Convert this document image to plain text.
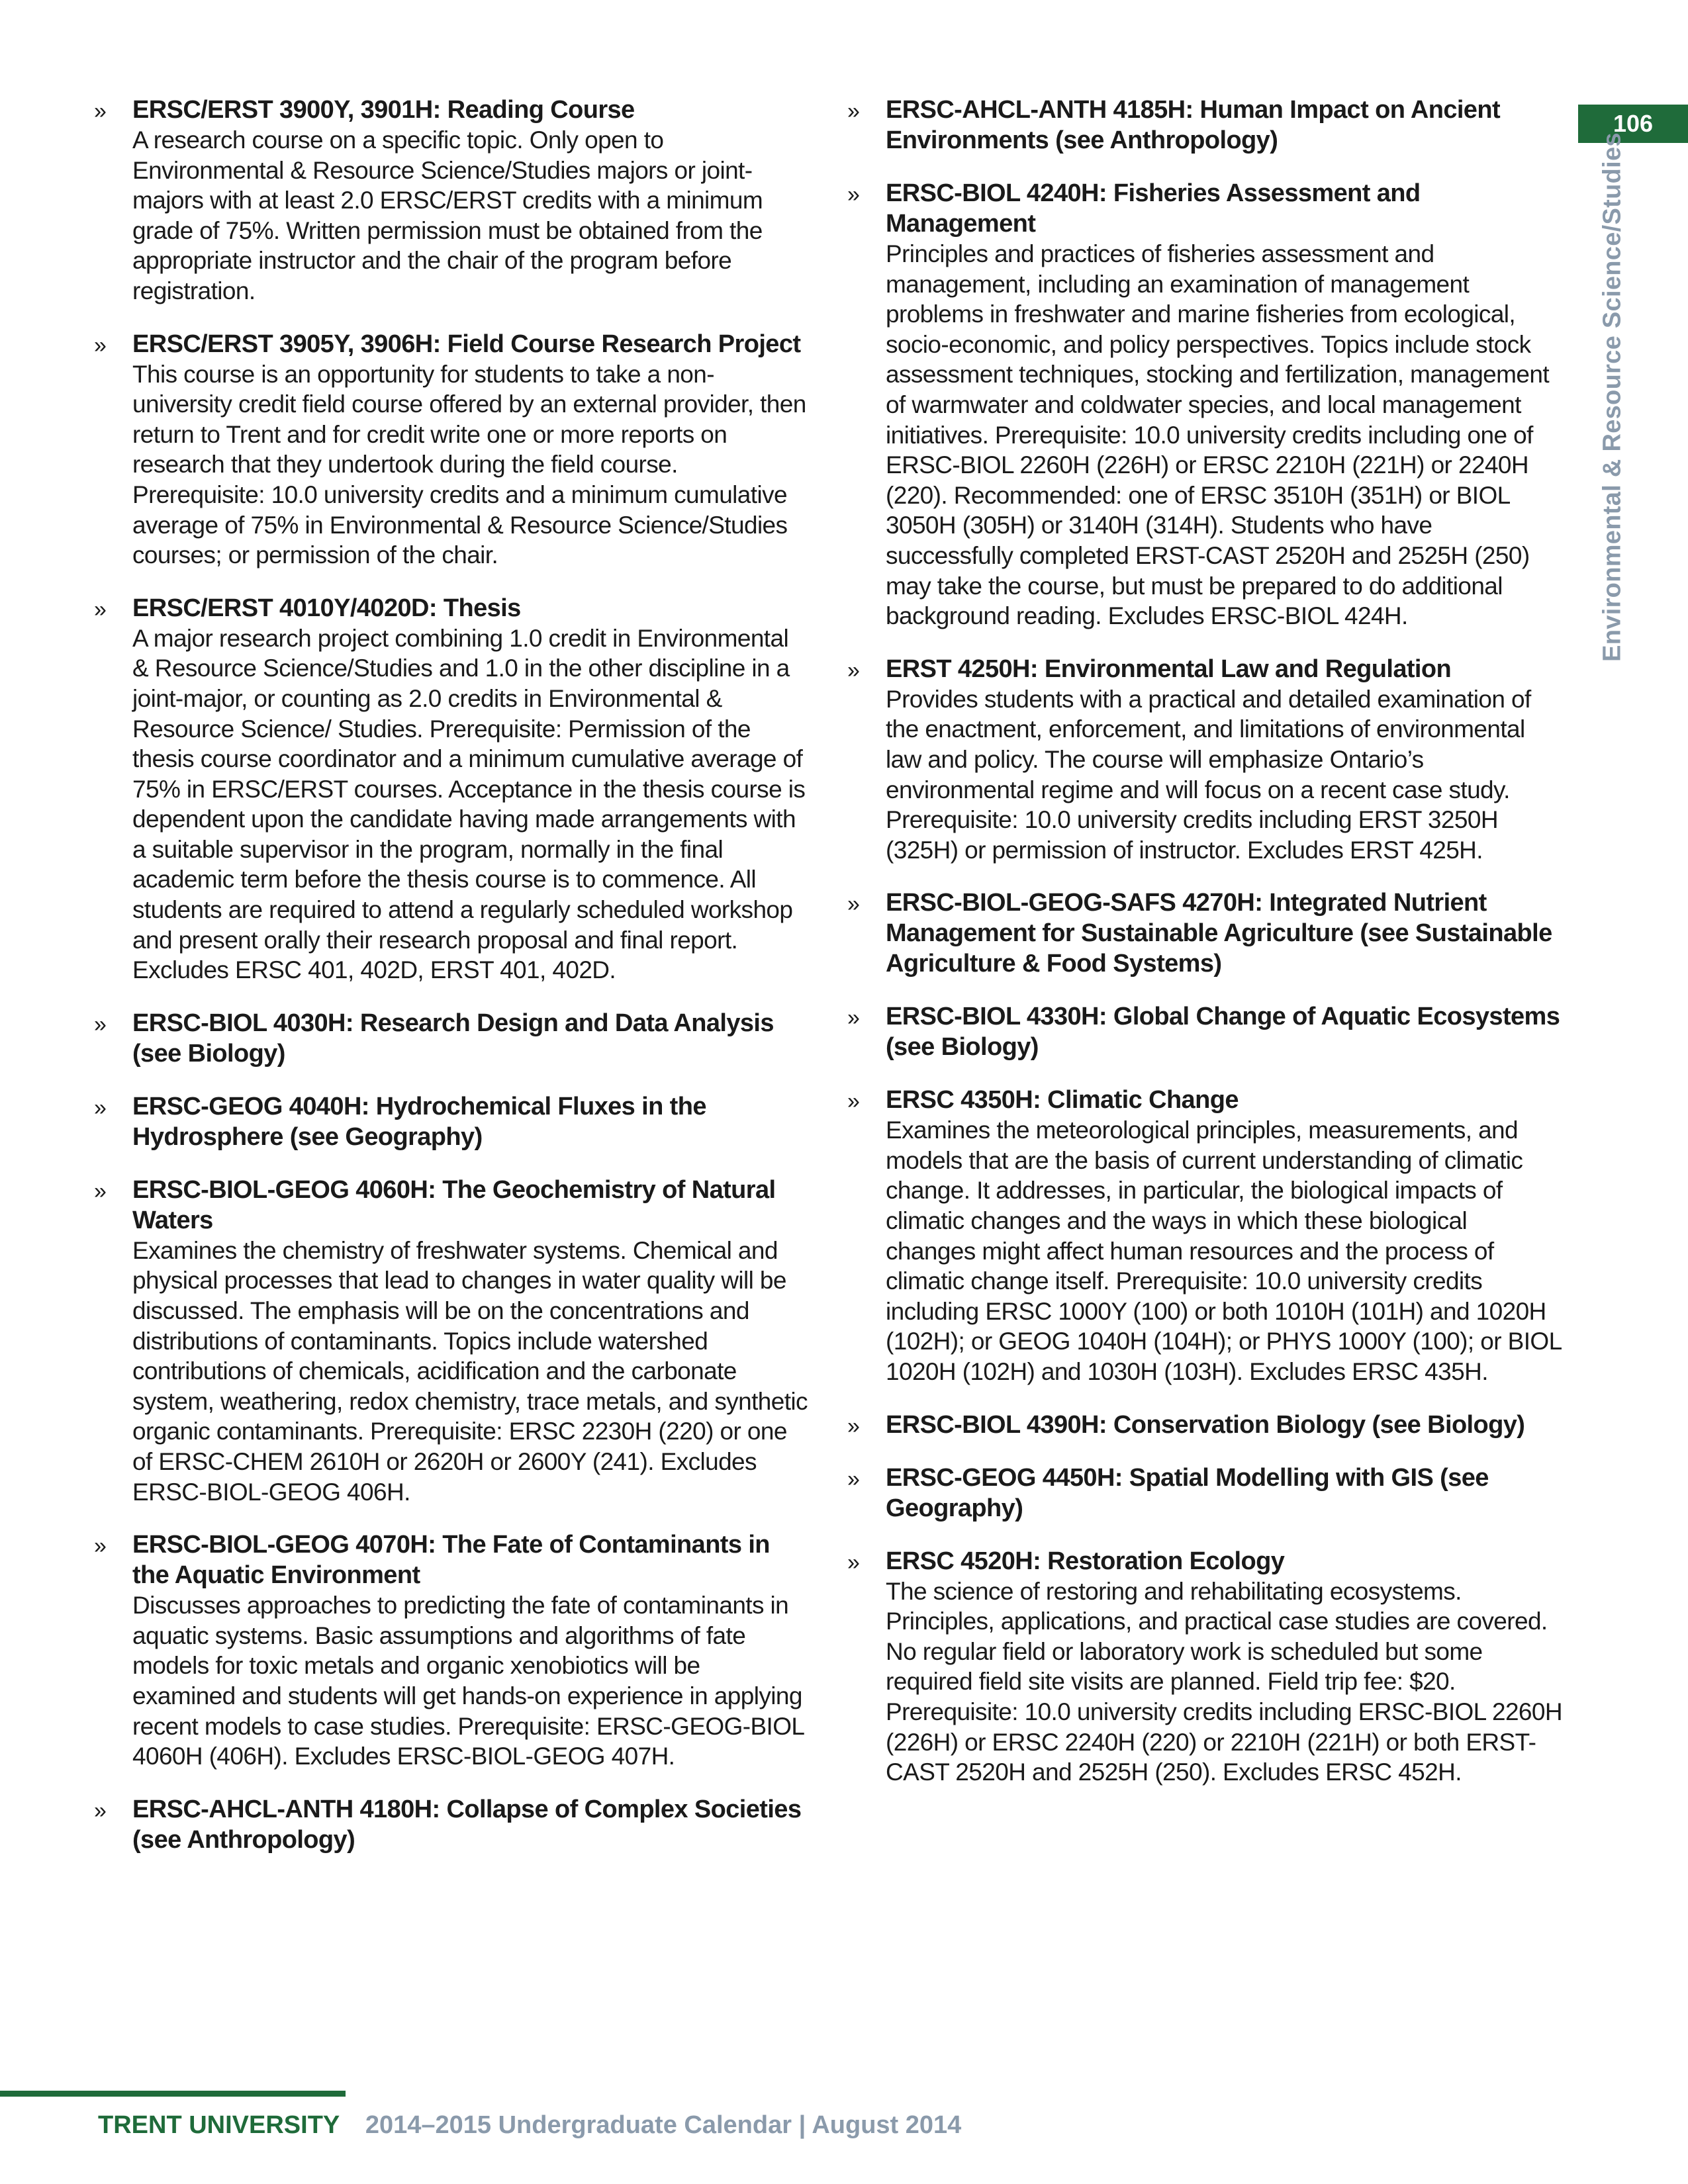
» ERSC/ERST 3900Y, 3901H: Reading Course

A research course on a specific topic. Only open to Environmental & Resource Science/Studies majors or joint-majors with at least 2.0 ERSC/ERST credits with a minimum grade of 75%. Written permission must be obtained from the appropriate instructor and the chair of the program before registration.

» ERSC/ERST 3905Y, 3906H: Field Course Research Project

This course is an opportunity for students to take a non-university credit field course offered by an external provider, then return to Trent and for credit write one or more reports on research that they undertook during the field course. Prerequisite: 10.0 university credits and a minimum cumulative average of 75% in Environmental & Resource Science/Studies courses; or permission of the chair.

» ERSC/ERST 4010Y/4020D: Thesis

A major research project combining 1.0 credit in Environmental & Resource Science/Studies and 1.0 in the other discipline in a joint-major, or counting as 2.0 credits in Environmental & Resource Science/ Studies. Prerequisite: Permission of the thesis course coordinator and a minimum cumulative average of 75% in ERSC/ERST courses. Acceptance in the thesis course is dependent upon the candidate having made arrangements with a suitable supervisor in the program, normally in the final academic term before the thesis course is to commence. All students are required to attend a regularly scheduled workshop and present orally their research proposal and final report. Excludes ERSC 401, 402D, ERST 401, 402D.

» ERSC-BIOL 4030H: Research Design and Data Analysis (see Biology)

» ERSC-GEOG 4040H: Hydrochemical Fluxes in the Hydrosphere (see Geography)

» ERSC-BIOL-GEOG 4060H: The Geochemistry of Natural Waters

Examines the chemistry of freshwater systems. Chemical and physical processes that lead to changes in water quality will be discussed. The emphasis will be on the concentrations and distributions of contaminants. Topics include watershed contributions of chemicals, acidification and the carbonate system, weathering, redox chemistry, trace metals, and synthetic organic contaminants. Prerequisite: ERSC 2230H (220) or one of ERSC-CHEM 2610H or 2620H or 2600Y (241). Excludes ERSC-BIOL-GEOG 406H.

» ERSC-BIOL-GEOG 4070H: The Fate of Contaminants in the Aquatic Environment

Discusses approaches to predicting the fate of contaminants in aquatic systems. Basic assumptions and algorithms of fate models for toxic metals and organic xenobiotics will be examined and students will get hands-on experience in applying recent models to case studies. Prerequisite: ERSC-GEOG-BIOL 4060H (406H). Excludes ERSC-BIOL-GEOG 407H.

» ERSC-AHCL-ANTH 4180H: Collapse of Complex Societies (see Anthropology)

» ERSC-AHCL-ANTH 4185H: Human Impact on Ancient Environments (see Anthropology)

» ERSC-BIOL 4240H: Fisheries Assessment and Management

Principles and practices of fisheries assessment and management, including an examination of management problems in freshwater and marine fisheries from ecological, socio-economic, and policy perspectives. Topics include stock assessment techniques, stocking and fertilization, management of warmwater and coldwater species, and local management initiatives. Prerequisite: 10.0 university credits including one of ERSC-BIOL 2260H (226H) or ERSC 2210H (221H) or 2240H (220). Recommended: one of ERSC 3510H (351H) or BIOL 3050H (305H) or 3140H (314H). Students who have successfully completed ERST-CAST 2520H and 2525H (250) may take the course, but must be prepared to do additional background reading. Excludes ERSC-BIOL 424H.

» ERST 4250H: Environmental Law and Regulation

Provides students with a practical and detailed examination of the enactment, enforcement, and limitations of environmental law and policy. The course will emphasize Ontario’s environmental regime and will focus on a recent case study. Prerequisite: 10.0 university credits including ERST 3250H (325H) or permission of instructor. Excludes ERST 425H.

» ERSC-BIOL-GEOG-SAFS 4270H: Integrated Nutrient Management for Sustainable Agriculture (see Sustainable Agriculture & Food Systems)

» ERSC-BIOL 4330H: Global Change of Aquatic Ecosystems (see Biology)

» ERSC 4350H: Climatic Change

Examines the meteorological principles, measurements, and models that are the basis of current understanding of climatic change. It addresses, in particular, the biological impacts of climatic changes and the ways in which these biological changes might affect human resources and the process of climatic change itself. Prerequisite: 10.0 university credits including ERSC 1000Y (100) or both 1010H (101H) and 1020H (102H); or GEOG 1040H (104H); or PHYS 1000Y (100); or BIOL 1020H (102H) and 1030H (103H). Excludes ERSC 435H.

» ERSC-BIOL 4390H: Conservation Biology (see Biology)

» ERSC-GEOG 4450H: Spatial Modelling with GIS (see Geography)

» ERSC 4520H: Restoration Ecology

The science of restoring and rehabilitating ecosystems. Principles, applications, and practical case studies are covered. No regular field or laboratory work is scheduled but some required field site visits are planned. Field trip fee: $20. Prerequisite: 10.0 university credits including ERSC-BIOL 2260H (226H) or ERSC 2240H (220) or 2210H (221H) or both ERST-CAST 2520H and 2525H (250). Excludes ERSC 452H.

106
Environmental & Resource Science/Studies
TRENT UNIVERSITY 2014–2015 Undergraduate Calendar | August 2014
